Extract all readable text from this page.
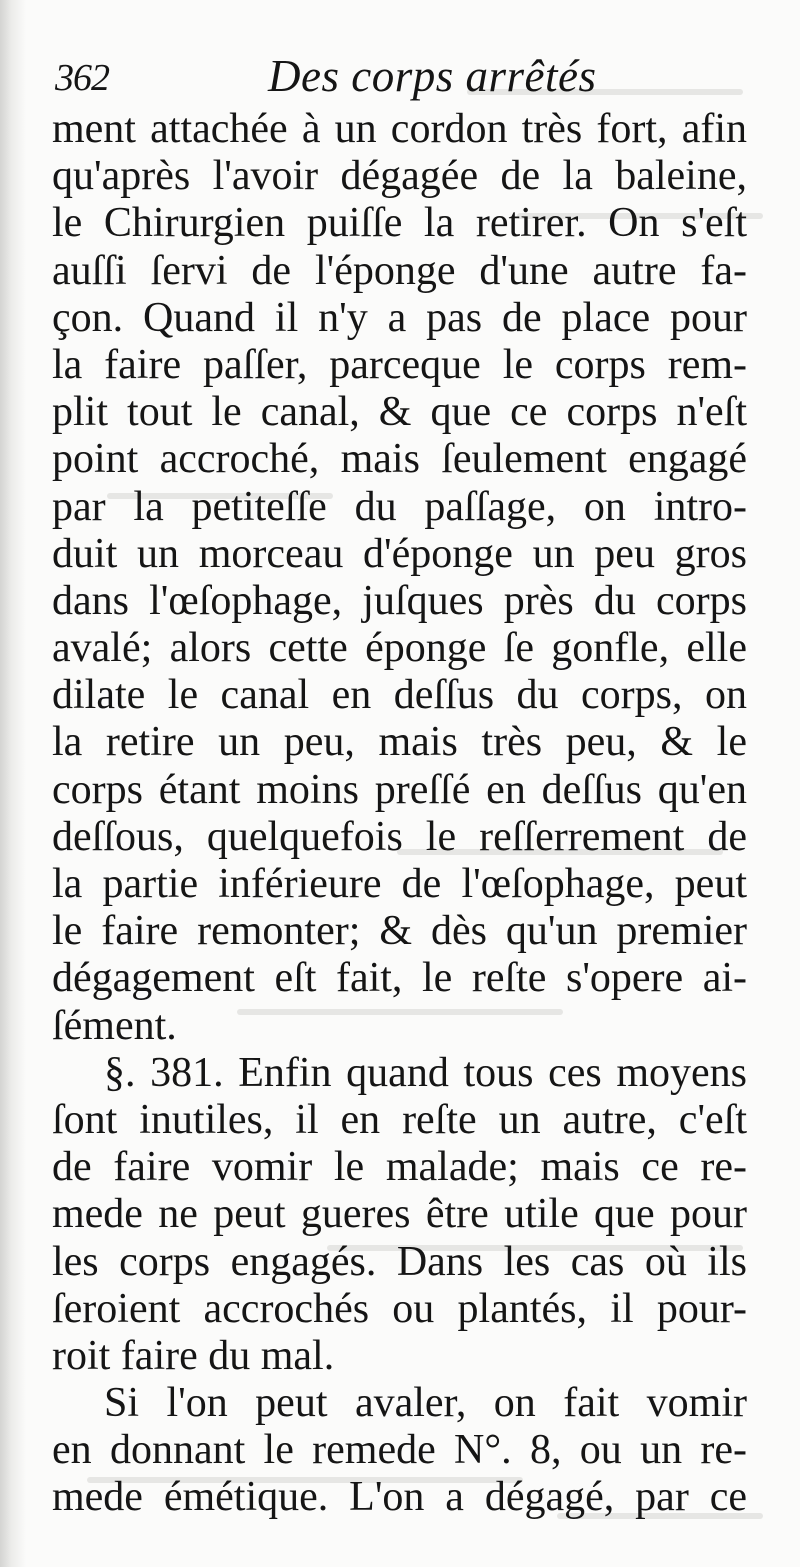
362	Des corps arrêtés
ment attachée à un cordon très fort, afin
qu'après l'avoir dégagée de la baleine,
le Chirurgien puiſſe la retirer. On s'eſt
auſſi ſervi de l'éponge d'une autre fa-
çon. Quand il n'y a pas de place pour
la faire paſſer, parceque le corps rem-
plit tout le canal, & que ce corps n'eſt
point accroché, mais ſeulement engagé
par la petiteſſe du paſſage, on intro-
duit un morceau d'éponge un peu gros
dans l'œſophage, juſques près du corps
avalé; alors cette éponge ſe gonfle, elle
dilate le canal en deſſus du corps, on
la retire un peu, mais très peu, & le
corps étant moins preſſé en deſſus qu'en
deſſous, quelquefois le reſſerrement de
la partie inférieure de l'œſophage, peut
le faire remonter; & dès qu'un premier
dégagement eſt fait, le reſte s'opere ai-
ſément.
§. 381. Enfin quand tous ces moyens
ſont inutiles, il en reſte un autre, c'eſt
de faire vomir le malade; mais ce re-
mede ne peut gueres être utile que pour
les corps engagés. Dans les cas où ils
ſeroient accrochés ou plantés, il pour-
roit faire du mal.
Si l'on peut avaler, on fait vomir
en donnant le remede N°. 8, ou un re-
mede émétique. L'on a dégagé, par ce
